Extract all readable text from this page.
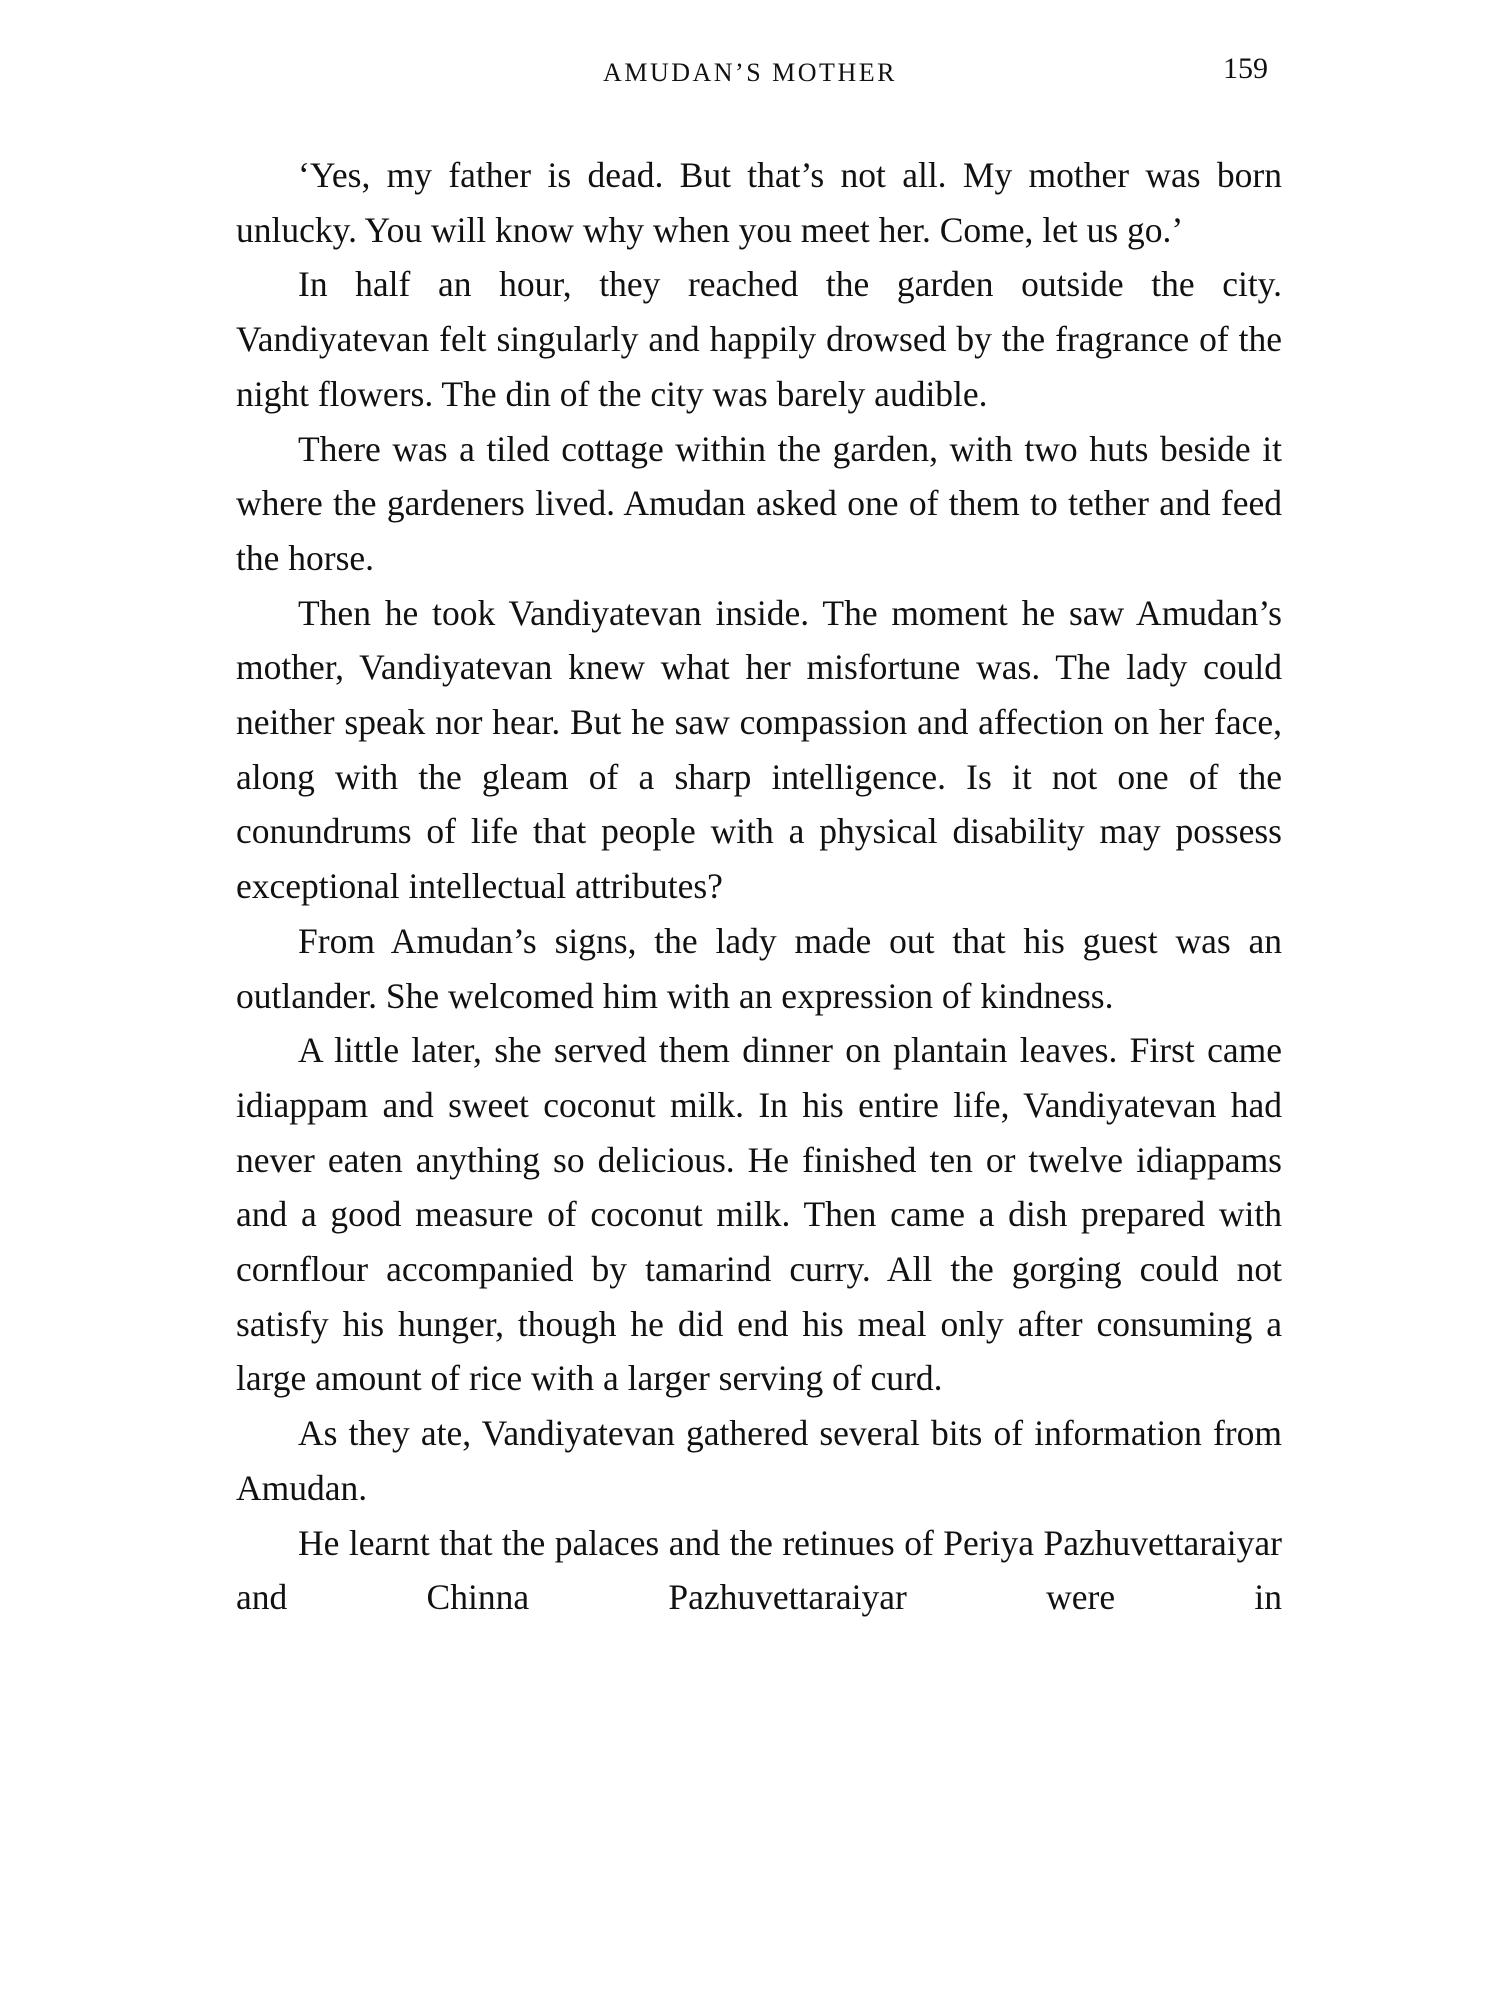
AMUDAN’S MOTHER	159

‘Yes, my father is dead. But that’s not all. My mother was born unlucky. You will know why when you meet her. Come, let us go.’

In half an hour, they reached the garden outside the city. Vandiyatevan felt singularly and happily drowsed by the fragrance of the night flowers. The din of the city was barely audible.

There was a tiled cottage within the garden, with two huts beside it where the gardeners lived. Amudan asked one of them to tether and feed the horse.

Then he took Vandiyatevan inside. The moment he saw Amudan’s mother, Vandiyatevan knew what her misfortune was. The lady could neither speak nor hear. But he saw compassion and affection on her face, along with the gleam of a sharp intelligence. Is it not one of the conundrums of life that people with a physical disability may possess exceptional intellectual attributes?

From Amudan’s signs, the lady made out that his guest was an outlander. She welcomed him with an expression of kindness.

A little later, she served them dinner on plantain leaves. First came idiappam and sweet coconut milk. In his entire life, Vandiyatevan had never eaten anything so delicious. He finished ten or twelve idiappams and a good measure of coconut milk. Then came a dish prepared with cornflour accompanied by tamarind curry. All the gorging could not satisfy his hunger, though he did end his meal only after consuming a large amount of rice with a larger serving of curd.

As they ate, Vandiyatevan gathered several bits of information from Amudan.

He learnt that the palaces and the retinues of Periya Pazhuvettaraiyar and Chinna Pazhuvettaraiyar were in
